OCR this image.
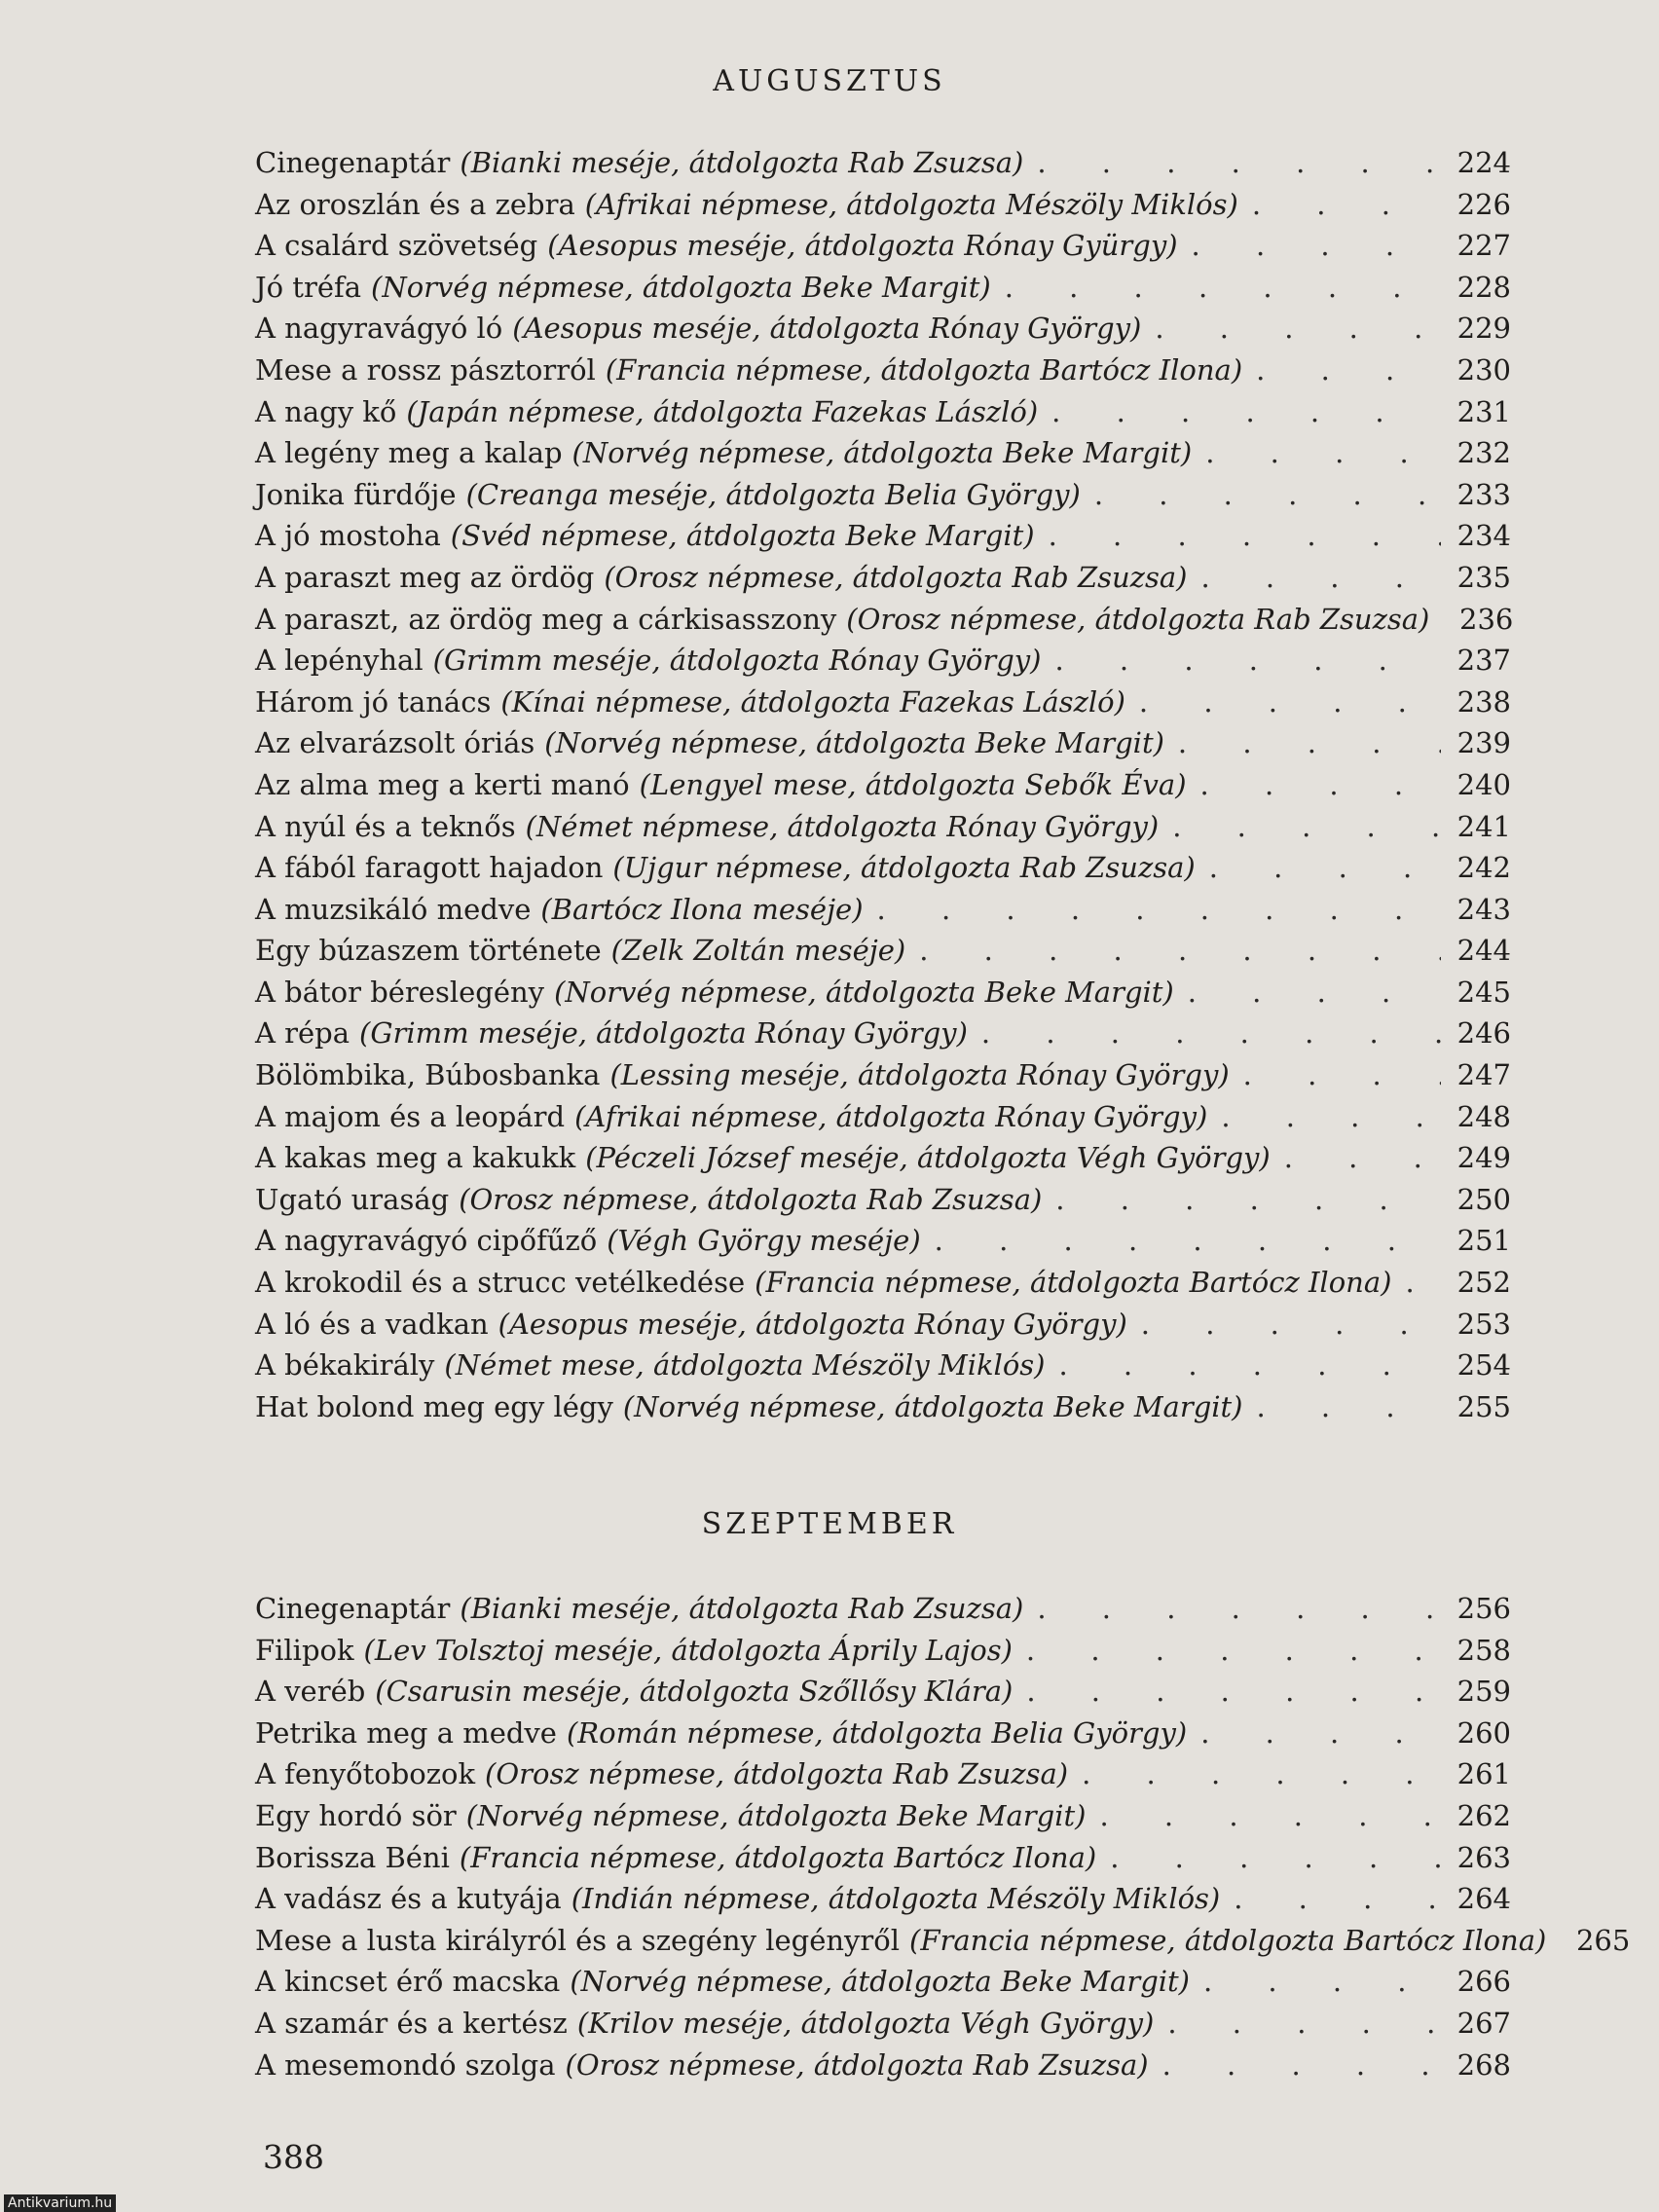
AUGUSZTUS
Cinegenaptár (Bianki meséje, átdolgozta Rab Zsuzsa) . . .	224
Az oroszlán és a zebra (Afrikai népmese, átdolgozta Mészöly Miklós) . . .	226
A csalárd szövetség (Aesopus meséje, átdolgozta Rónay Gyürgy) . . .	227
Jó tréfa (Norvég népmese, átdolgozta Beke Margit) . . .	228
A nagyravágyó ló (Aesopus meséje, átdolgozta Rónay György) . . .	229
Mese a rossz pásztorról (Francia népmese, átdolgozta Bartócz Ilona) . . .	230
A nagy kő (Japán népmese, átdolgozta Fazekas László) . . .	231
A legény meg a kalap (Norvég népmese, átdolgozta Beke Margit) . . .	232
Jonika fürdője (Creanga meséje, átdolgozta Belia György) . . .	233
A jó mostoha (Svéd népmese, átdolgozta Beke Margit) . . .	234
A paraszt meg az ördög (Orosz népmese, átdolgozta Rab Zsuzsa) . . .	235
A paraszt, az ördög meg a cárkisasszony (Orosz népmese, átdolgozta Rab Zsuzsa) 236
A lepényhal (Grimm meséje, átdolgozta Rónay György) . . .	237
Három jó tanács (Kínai népmese, átdolgozta Fazekas László) . . .	238
Az elvarázsolt óriás (Norvég népmese, átdolgozta Beke Margit) . . .	239
Az alma meg a kerti manó (Lengyel mese, átdolgozta Sebők Éva) . . .	240
A nyúl és a teknős (Német népmese, átdolgozta Rónay György) . . .	241
A fából faragott hajadon (Ujgur népmese, átdolgozta Rab Zsuzsa) . . .	242
A muzsikáló medve (Bartócz Ilona meséje) . . .	243
Egy búzaszem története (Zelk Zoltán meséje) . . .	244
A bátor béreslegény (Norvég népmese, átdolgozta Beke Margit) . . .	245
A répa (Grimm meséje, átdolgozta Rónay György) . . .	246
Bölömbika, Búbosbanka (Lessing meséje, átdolgozta Rónay György) . . .	247
A majom és a leopárd (Afrikai népmese, átdolgozta Rónay György) . . .	248
A kakas meg a kakukk (Péczeli József meséje, átdolgozta Végh György) . . .	249
Ugató uraság (Orosz népmese, átdolgozta Rab Zsuzsa) . . .	250
A nagyravágyó cipőfűző (Végh György meséje) . . .	251
A krokodil és a strucc vetélkedése (Francia népmese, átdolgozta Bartócz Ilona) . . . 252
A ló és a vadkan (Aesopus meséje, átdolgozta Rónay György) . . .	253
A békakirály (Német mese, átdolgozta Mészöly Miklós) . . .	254
Hat bolond meg egy légy (Norvég népmese, átdolgozta Beke Margit) . . .	255
SZEPTEMBER
Cinegenaptár (Bianki meséje, átdolgozta Rab Zsuzsa) . . .	256
Filipok (Lev Tolsztoj meséje, átdolgozta Áprily Lajos) . . .	258
A veréb (Csarusin meséje, átdolgozta Szőllősy Klára) . . .	259
Petrika meg a medve (Román népmese, átdolgozta Belia György) . . .	260
A fenyőtobozok (Orosz népmese, átdolgozta Rab Zsuzsa) . . .	261
Egy hordó sör (Norvég népmese, átdolgozta Beke Margit) . . .	262
Borissza Béni (Francia népmese, átdolgozta Bartócz Ilona) . . .	263
A vadász és a kutyája (Indián népmese, átdolgozta Mészöly Miklós) . . .	264
Mese a lusta királyról és a szegény legényről (Francia népmese, átdolgozta Bartócz Ilona) 265
A kincset érő macska (Norvég népmese, átdolgozta Beke Margit) . . .	266
A szamár és a kertész (Krilov meséje, átdolgozta Végh György) . . .	267
A mesemondó szolga (Orosz népmese, átdolgozta Rab Zsuzsa) . . .	268
388
Antikvarium.hu
